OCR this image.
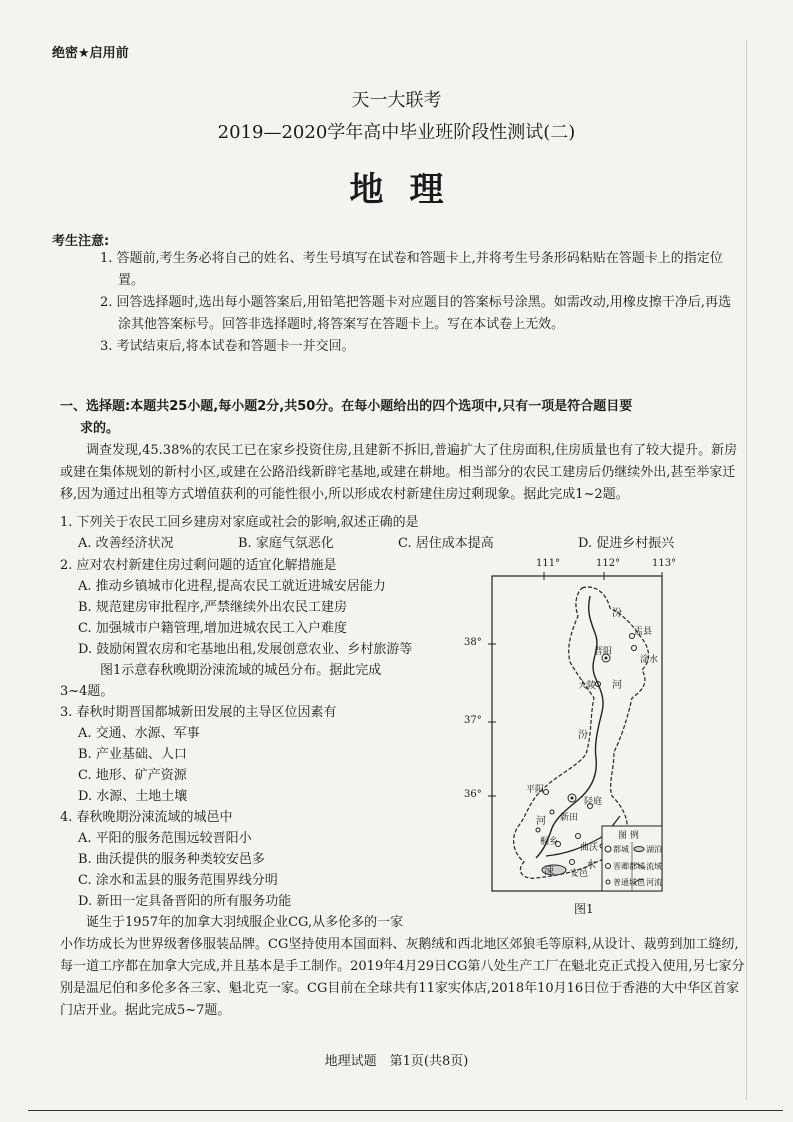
绝密★启用前
天一大联考
2019—2020学年高中毕业班阶段性测试(二)
地理
考生注意:
1. 答题前,考生务必将自己的姓名、考生号填写在试卷和答题卡上,并将考生号条形码粘贴在答题卡上的指定位置。
2. 回答选择题时,选出每小题答案后,用铅笔把答题卡对应题目的答案标号涂黑。如需改动,用橡皮擦干净后,再选涂其他答案标号。回答非选择题时,将答案写在答题卡上。写在本试卷上无效。
3. 考试结束后,将本试卷和答题卡一并交回。
一、选择题:本题共25小题,每小题2分,共50分。在每小题给出的四个选项中,只有一项是符合题目要
求的。
调查发现,45.38%的农民工已在家乡投资住房,且建新不拆旧,普遍扩大了住房面积,住房质量也有了较大提升。新房或建在集体规划的新村小区,或建在公路沿线新辟宅基地,或建在耕地。相当部分的农民工建房后仍继续外出,甚至举家迁移,因为通过出租等方式增值获利的可能性很小,所以形成农村新建住房过剩现象。据此完成1~2题。
1. 下列关于农民工回乡建房对家庭或社会的影响,叙述正确的是
A. 改善经济状况	B. 家庭气氛恶化	C. 居住成本提高	D. 促进乡村振兴
2. 应对农村新建住房过剩问题的适宜化解措施是
A. 推动乡镇城市化进程,提高农民工就近进城安居能力
B. 规范建房审批程序,严禁继续外出农民工建房
C. 加强城市户籍管理,增加进城农民工入户难度
D. 鼓励闲置农房和宅基地出租,发展创意农业、乡村旅游等
图1示意春秋晚期汾涑流域的城邑分布。据此完成
3~4题。
3. 春秋时期晋国都城新田发展的主导区位因素有
A. 交通、水源、军事
B. 产业基础、人口
C. 地形、矿产资源
D. 水源、土地土壤
4. 春秋晚期汾涑流域的城邑中
A. 平阳的服务范围远较晋阳小
B. 曲沃提供的服务种类较安邑多
C. 涂水和盂县的服务范围界线分明
D. 新田一定具备晋阳的所有服务功能
诞生于1957年的加拿大羽绒服企业CG,从多伦多的一家
小作坊成长为世界级奢侈服装品牌。CG坚持使用本国面料、灰鹅绒和西北地区郊狼毛等原料,从设计、裁剪到加工缝纫,每一道工序都在加拿大完成,并且基本是手工制作。2019年4月29日CG第八处生产工厂在魁北克正式投入使用,另七家分别是温尼伯和多伦多各三家、魁北克一家。CG目前在全球共有11家实体店,2018年10月16日位于香港的大中华区首家门店开业。据此完成5~7题。
111°	112°	113°
38°
37°
36°
盂县
晋阳
涂水
大陵
平阳
陉庭
新田
曲沃
桐乡
安邑
汾
河
汾
河
涑
水
图 例
都城 湖泊
晋卿都城 流域
普通城邑 河流
图1
地理试题　第1页(共8页)
